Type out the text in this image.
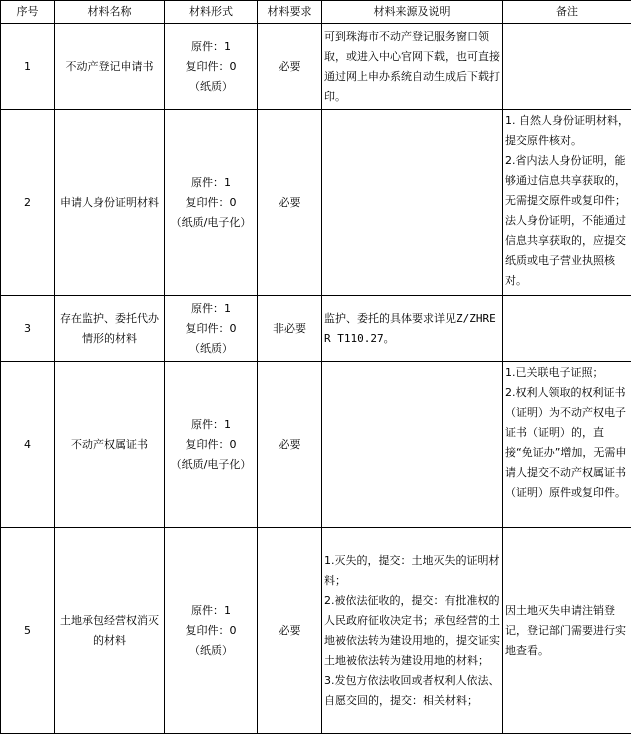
序号	材料名称	材料形式	材料要求	材料来源及说明	备注
1	不动产登记申请书	原件：1
复印件：0
（纸质）	必要	可到珠海市不动产登记服务窗口领取，或进入中心官网下载，也可直接通过网上申办系统自动生成后下载打印。	

2	申请人身份证明材料	原件：1
复印件：0
（纸质/电子化）	必要		1. 自然人身份证明材料，提交原件核对。
2.省内法人身份证明，能够通过信息共享获取的，无需提交原件或复印件；法人身份证明，不能通过信息共享获取的，应提交纸质或电子营业执照核对。

3	存在监护、委托代办情形的材料	原件：1
复印件：0
（纸质）	非必要	监护、委托的具体要求详见Z/ZHRER T110.27。	

4	不动产权属证书	原件：1
复印件：0
（纸质/电子化）	必要		1.已关联电子证照；
2.权利人领取的权利证书（证明）为不动产权电子证书（证明）的，直接“免证办”增加，无需申请人提交不动产权属证书（证明）原件或复印件。

5	土地承包经营权消灭的材料	原件：1
复印件：0
（纸质）	必要	1.灭失的，提交：土地灭失的证明材料；
2.被依法征收的，提交：有批准权的人民政府征收决定书；承包经营的土地被依法转为建设用地的，提交证实土地被依法转为建设用地的材料；
3.发包方依法收回或者权利人依法、自愿交回的，提交：相关材料；	因土地灭失申请注销登记，登记部门需要进行实地查看。
